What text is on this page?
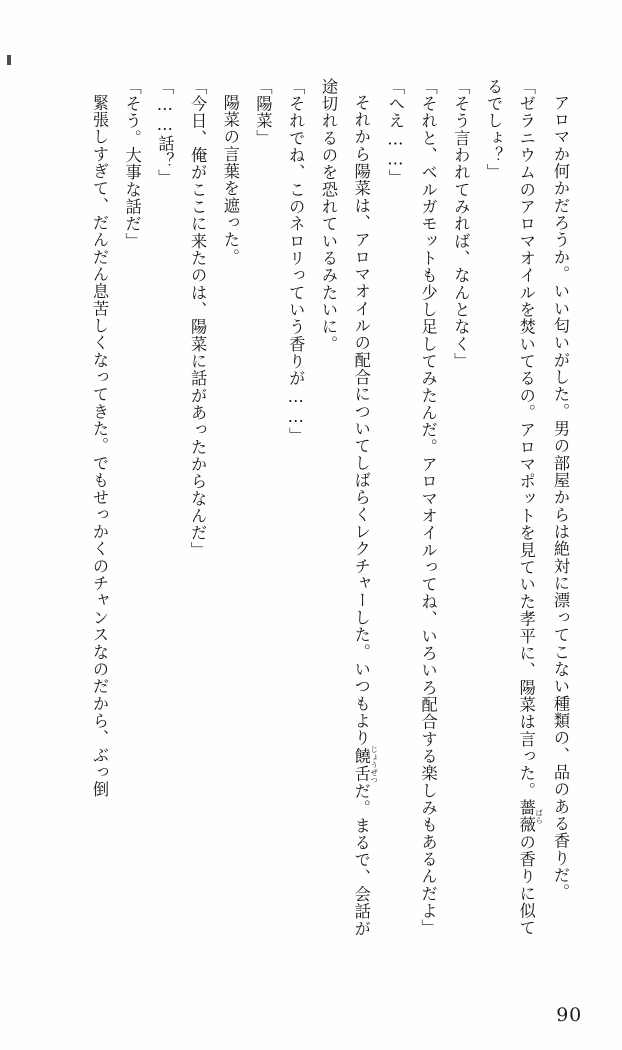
アロマか何かだろうか。いい匂いがした。男の部屋からは絶対に漂ってこない種類の、品のある香りだ。

「ゼラニウムのアロマオイルを焚いてるの。アロマポットを見ていた孝平に、陽菜は言った。薔薇 ばらの香りに似てるでしょ？」

「そう言われてみれば、なんとなく」

「それと、ベルガモットも少し足してみたんだ。アロマオイルってね、いろいろ配合する楽しみもあるんだよ」

「へえ……」

それから陽菜は、アロマオイルの配合についてしばらくレクチャーした。いつもより饒舌 じょうぜつだ。まるで、会話が途切れるのを恐れているみたいに。

「それでね、このネロリっていう香りが……」

「陽菜」

陽菜の言葉を遮った。

「今日、俺がここに来たのは、陽菜に話があったからなんだ」

「……話？」

「そう。大事な話だ」

緊張しすぎて、だんだん息苦しくなってきた。でもせっかくのチャンスなのだから、ぶっ倒

90
